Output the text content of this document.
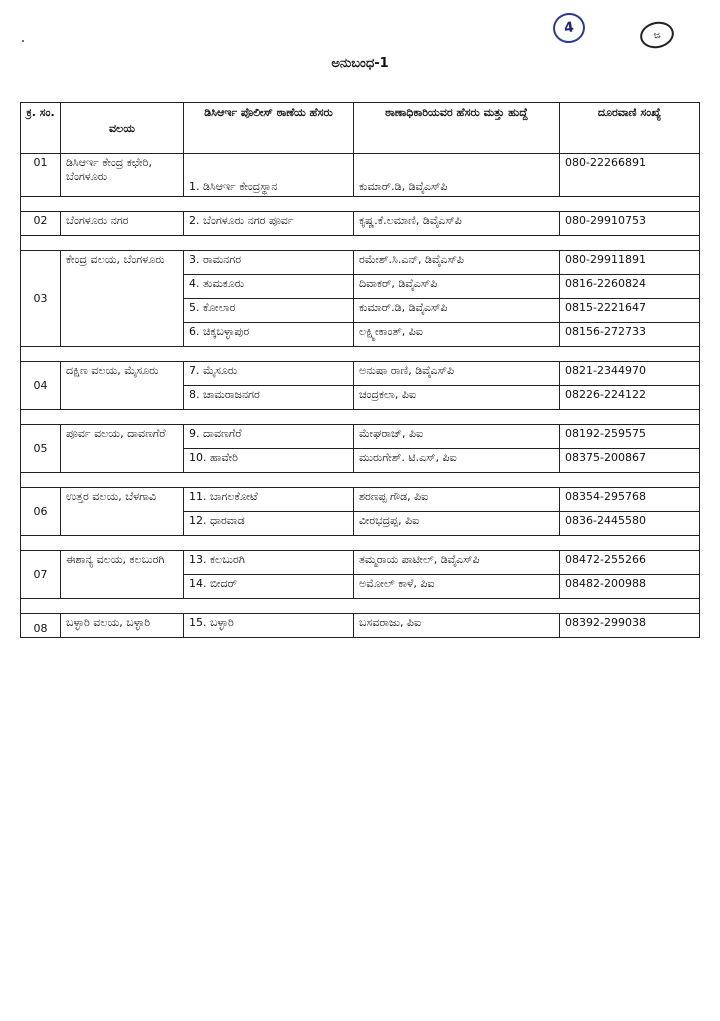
4	ಜ
ಅನುಬಂಧ-1
ಕ್ರ. ಸಂ.	ವಲಯ	ಡಿಸಿಆರ್ಇ ಪೊಲೀಸ್ ಠಾಣೆಯ ಹೆಸರು	ಠಾಣಾಧಿಕಾರಿಯವರ ಹೆಸರು ಮತ್ತು ಹುದ್ದೆ	ದೂರವಾಣಿ ಸಂಖ್ಯೆ
01	ಡಿಸಿಆರ್ಇ ಕೇಂದ್ರ ಕಛೇರಿ, ಬೆಂಗಳೂರು	1. ಡಿಸಿಆರ್ಇ ಕೇಂದ್ರಸ್ಥಾನ	ಕುಮಾರ್.ಡಿ, ಡಿವೈಎಸ್‌ಪಿ	080-22266891

02	ಬೆಂಗಳೂರು ನಗರ	2. ಬೆಂಗಳೂರು ನಗರ ಪೂರ್ವ	ಕೃಷ್ಣ.ಕೆ.ಲಮಾಣಿ, ಡಿವೈಎಸ್‌ಪಿ	080-29910753

03	ಕೇಂದ್ರ ವಲಯ, ಬೆಂಗಳೂರು	3. ರಾಮನಗರ	ರಮೇಶ್.ಸಿ.ಎನ್, ಡಿವೈಎಸ್‌ಪಿ	080-29911891
		4. ತುಮಕೂರು	ದಿವಾಕರ್, ಡಿವೈಎಸ್‌ಪಿ	0816-2260824
		5. ಕೋಲಾರ	ಕುಮಾರ್.ಡಿ, ಡಿವೈಎಸ್‌ಪಿ	0815-2221647
		6. ಚಿಕ್ಕಬಳ್ಳಾಪುರ	ಲಕ್ಷ್ಮೀಕಾಂತ್, ಪಿಐ	08156-272733

04	ದಕ್ಷಿಣ ವಲಯ, ಮೈಸೂರು	7. ಮೈಸೂರು	ಅನುಷಾ ರಾಣಿ, ಡಿವೈಎಸ್‌ಪಿ	0821-2344970
		8. ಚಾಮರಾಜನಗರ	ಚಂದ್ರಕಲಾ, ಪಿಐ	08226-224122

05	ಪೂರ್ವ ವಲಯ, ದಾವಣಗೆರೆ	9. ದಾವಣಗೆರೆ	ಮೇಘರಾಜ್, ಪಿಐ	08192-259575
		10. ಹಾವೇರಿ	ಮುರುಗೇಶ್. ಟಿ.ಎಸ್, ಪಿಐ	08375-200867

06	ಉತ್ತರ ವಲಯ, ಬೆಳಗಾವಿ	11. ಬಾಗಲಕೋಟೆ	ಶರಣಪ್ಪ ಗೌಡ, ಪಿಐ	08354-295768
		12. ಧಾರವಾಡ	ವೀರಭದ್ರಪ್ಪ, ಪಿಐ	0836-2445580

07	ಈಶಾನ್ಯ ವಲಯ, ಕಲಬುರಗಿ	13. ಕಲಬುರಗಿ	ತಮ್ಮರಾಯ ಪಾಟೀಲ್, ಡಿವೈಎಸ್‌ಪಿ	08472-255266
		14. ಬೀದರ್	ಅಮೋಲ್ ಕಾಳೆ, ಪಿಐ	08482-200988

08	ಬಳ್ಳಾರಿ ವಲಯ, ಬಳ್ಳಾರಿ	15. ಬಳ್ಳಾರಿ	ಬಸವರಾಜು, ಪಿಐ	08392-299038
